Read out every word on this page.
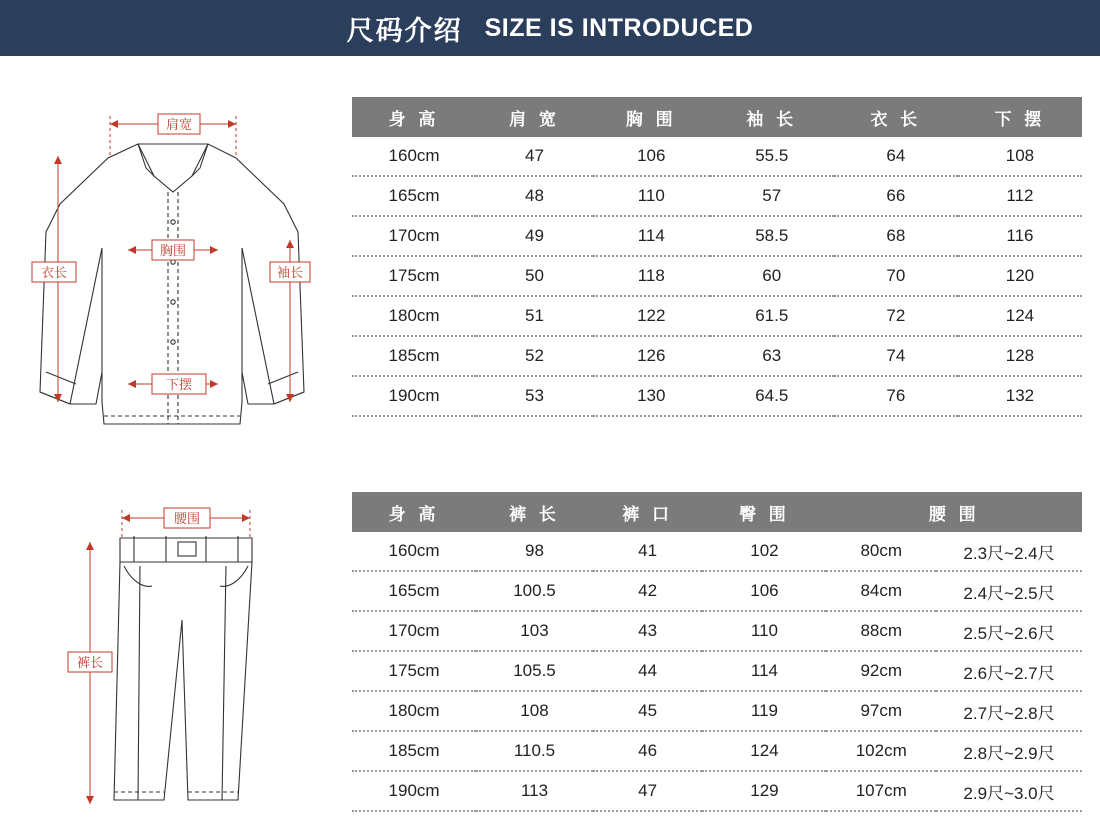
尺码介绍 SIZE IS INTRODUCED
肩宽
胸围
下摆
衣长	袖长
腰围
裤长
身 高	肩 宽	胸 围	袖 长	衣 长	下 摆
160cm	47	106	55.5	64	108
165cm	48	110	57	66	112
170cm	49	114	58.5	68	116
175cm	50	118	60	70	120
180cm	51	122	61.5	72	124
185cm	52	126	63	74	128
190cm	53	130	64.5	76	132
身 高	裤 长	裤 口	臀 围	腰 围	
160cm	98	41	102	80cm	2.3尺~2.4尺
165cm	100.5	42	106	84cm	2.4尺~2.5尺
170cm	103	43	110	88cm	2.5尺~2.6尺
175cm	105.5	44	114	92cm	2.6尺~2.7尺
180cm	108	45	119	97cm	2.7尺~2.8尺
185cm	110.5	46	124	102cm	2.8尺~2.9尺
190cm	113	47	129	107cm	2.9尺~3.0尺
